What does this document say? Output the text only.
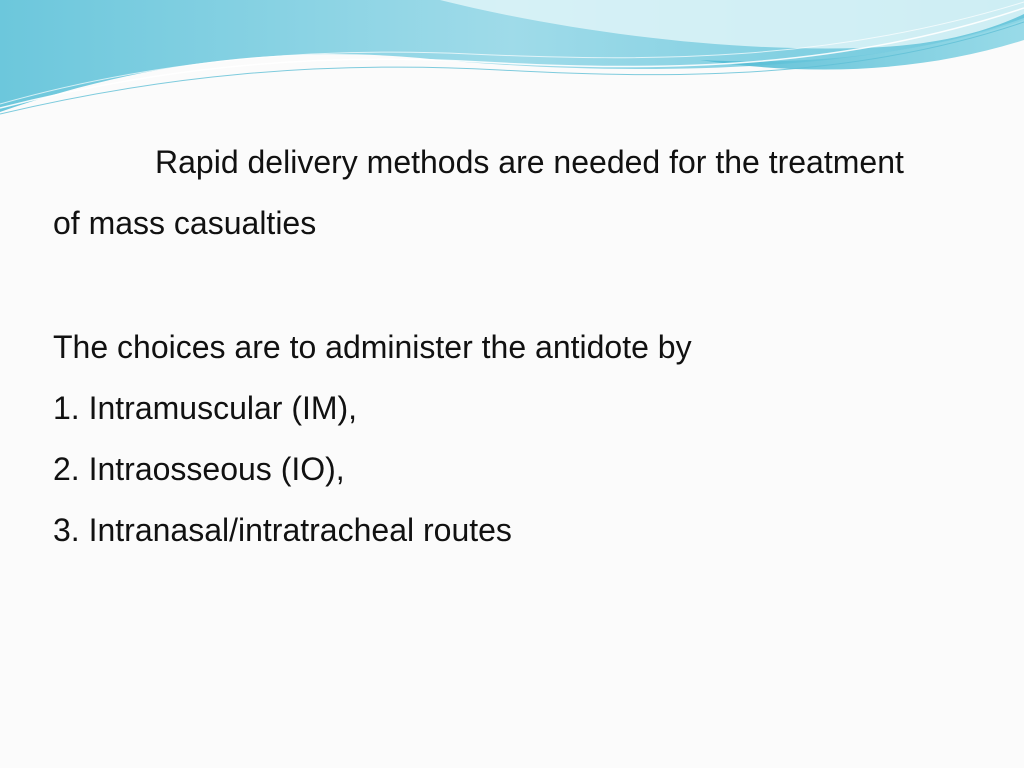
Rapid delivery methods are needed for the treatment
of mass casualties
The choices are to administer the antidote by
1. Intramuscular (IM),
2. Intraosseous (IO),
3. Intranasal/intratracheal routes
